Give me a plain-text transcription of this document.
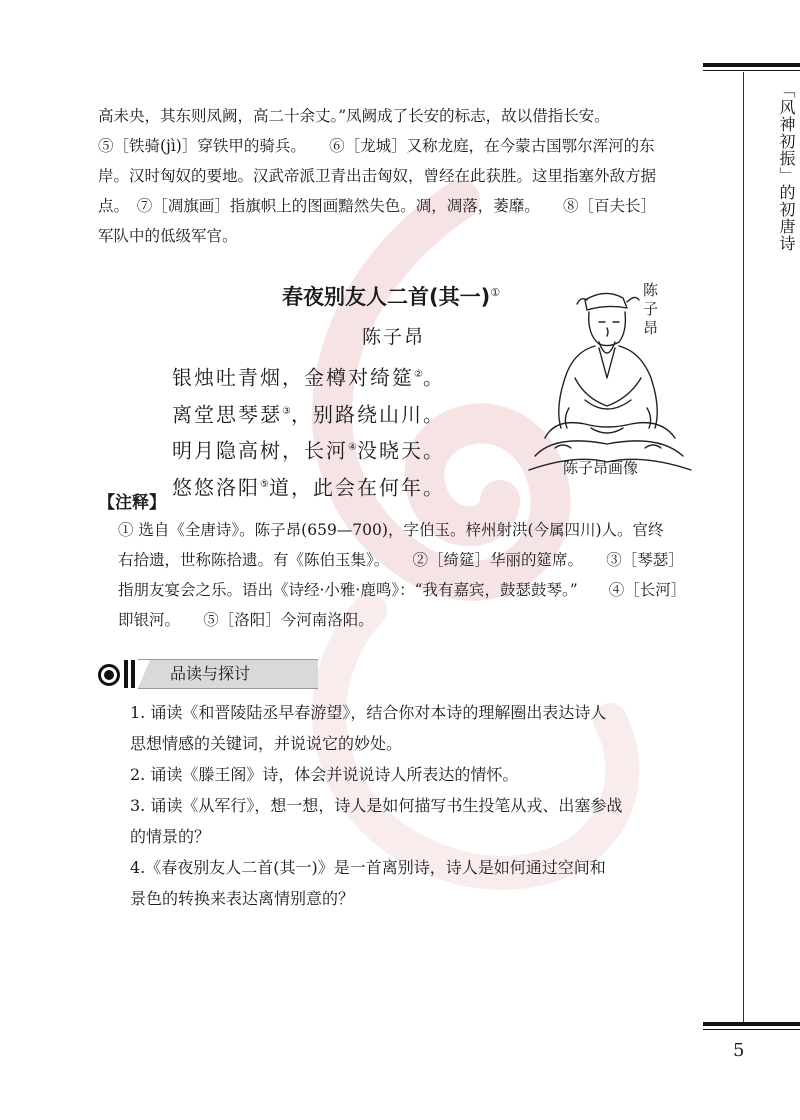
「风神初振」的初唐诗
5

高未央，其东则凤阙，高二十余丈。”凤阙成了长安的标志，故以借指长安。

⑤［铁骑(jì)］穿铁甲的骑兵。　　⑥［龙城］又称龙庭，在今蒙古国鄂尔浑河的东

岸。汉时匈奴的要地。汉武帝派卫青出击匈奴，曾经在此获胜。这里指塞外敌方据

点。　⑦［凋旗画］指旗帜上的图画黯然失色。凋，凋落，萎靡。　　⑧［百夫长］

军队中的低级军官。

春夜别友人二首(其一)①
陈子昂
银烛吐青烟，金樽对绮筵②。
离堂思琴瑟③，别路绕山川。
明月隐高树，长河④没晓天。
悠悠洛阳⑤道，此会在何年。
陈子昂
陈子昂画像
【注释】

① 选自《全唐诗》。陈子昂(659—700)，字伯玉。梓州射洪(今属四川)人。官终

右拾遗，世称陈拾遗。有《陈伯玉集》。　　②［绮筵］华丽的筵席。　　③［琴瑟］

指朋友宴会之乐。语出《诗经·小雅·鹿鸣》：“我有嘉宾，鼓瑟鼓琴。”　　④［长河］

即银河。　　⑤［洛阳］今河南洛阳。

品读与探讨

1. 诵读《和晋陵陆丞早春游望》，结合你对本诗的理解圈出表达诗人

思想情感的关键词，并说说它的妙处。

2. 诵读《滕王阁》诗，体会并说说诗人所表达的情怀。

3. 诵读《从军行》，想一想，诗人是如何描写书生投笔从戎、出塞参战

的情景的？

4.《春夜别友人二首(其一)》是一首离别诗，诗人是如何通过空间和

景色的转换来表达离情别意的？
